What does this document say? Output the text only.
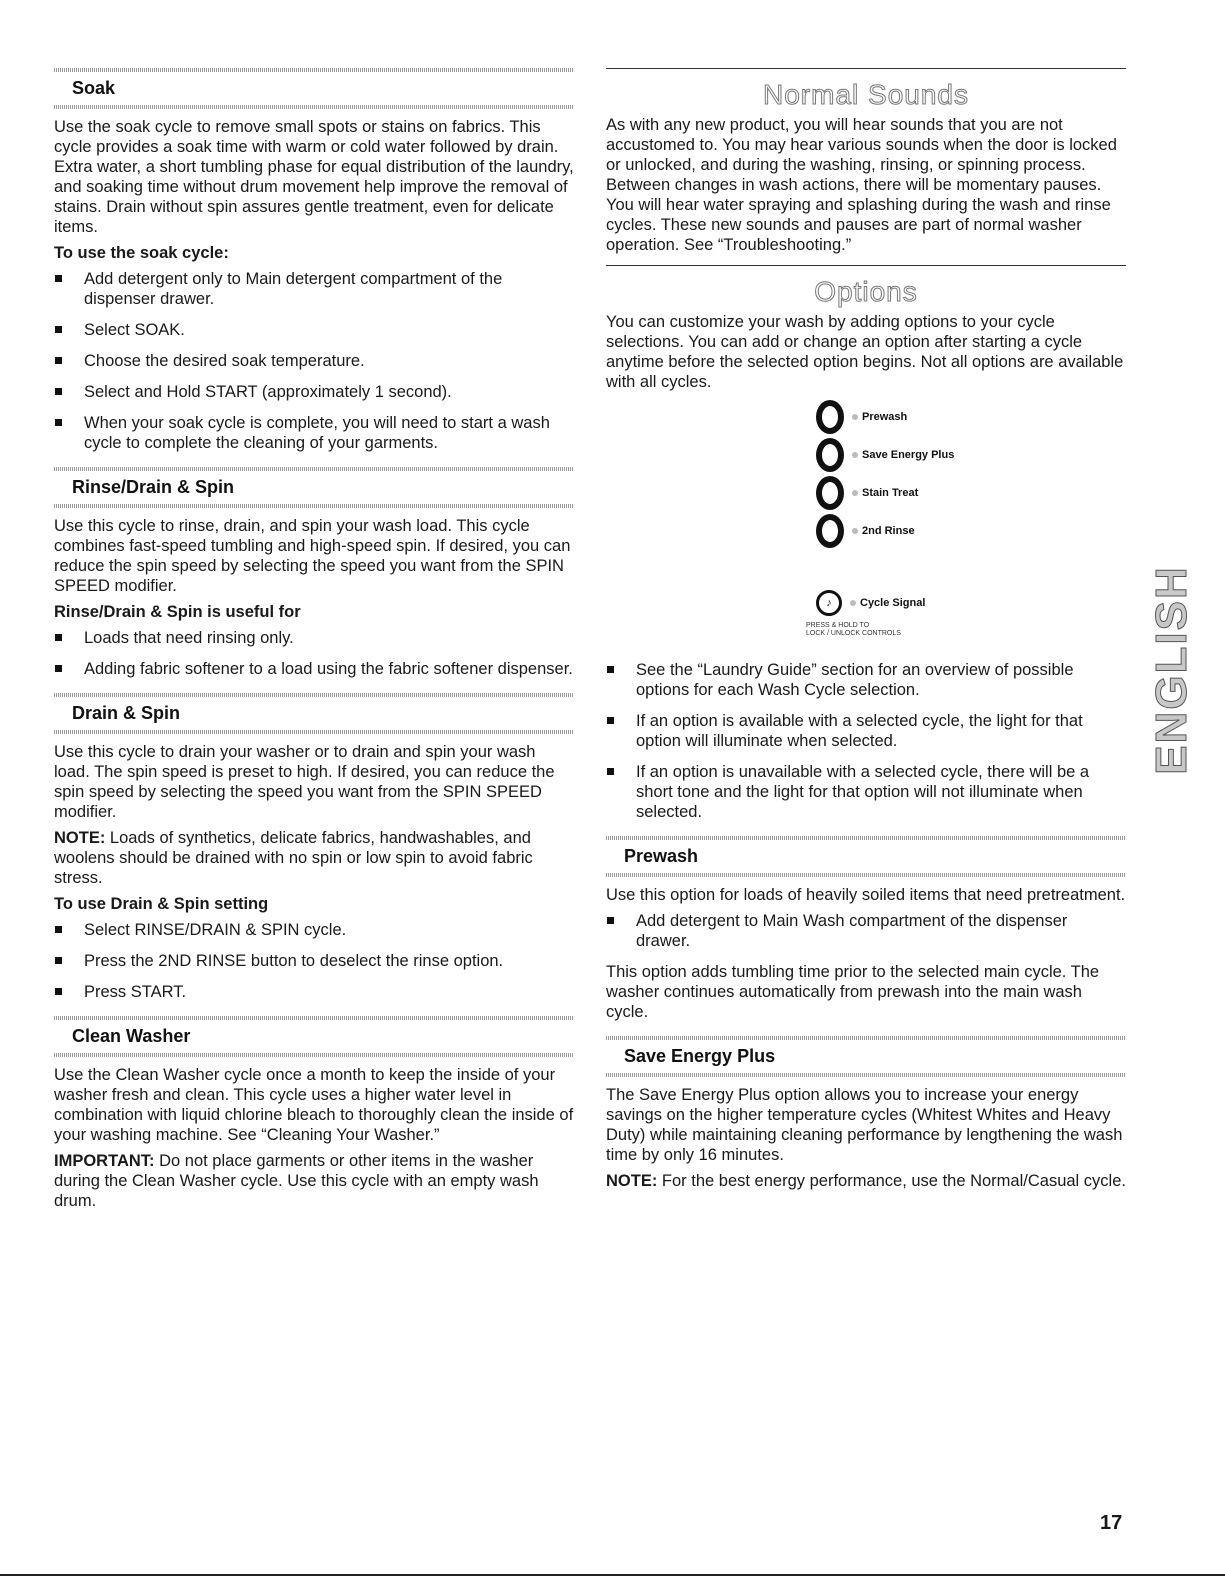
Soak

Use the soak cycle to remove small spots or stains on fabrics. This cycle provides a soak time with warm or cold water followed by drain. Extra water, a short tumbling phase for equal distribution of the laundry, and soaking time without drum movement help improve the removal of stains. Drain without spin assures gentle treatment, even for delicate items.

To use the soak cycle:
Add detergent only to Main detergent compartment of the dispenser drawer.
Select SOAK.
Choose the desired soak temperature.
Select and Hold START (approximately 1 second).
When your soak cycle is complete, you will need to start a wash cycle to complete the cleaning of your garments.
Rinse/Drain & Spin

Use this cycle to rinse, drain, and spin your wash load. This cycle combines fast-speed tumbling and high-speed spin. If desired, you can reduce the spin speed by selecting the speed you want from the SPIN SPEED modifier.

Rinse/Drain & Spin is useful for
Loads that need rinsing only.
Adding fabric softener to a load using the fabric softener dispenser.
Drain & Spin

Use this cycle to drain your washer or to drain and spin your wash load. The spin speed is preset to high. If desired, you can reduce the spin speed by selecting the speed you want from the SPIN SPEED modifier.

NOTE: Loads of synthetics, delicate fabrics, handwashables, and woolens should be drained with no spin or low spin to avoid fabric stress.

To use Drain & Spin setting
Select RINSE/DRAIN & SPIN cycle.
Press the 2ND RINSE button to deselect the rinse option.
Press START.
Clean Washer

Use the Clean Washer cycle once a month to keep the inside of your washer fresh and clean. This cycle uses a higher water level in combination with liquid chlorine bleach to thoroughly clean the inside of your washing machine. See “Cleaning Your Washer.”

IMPORTANT: Do not place garments or other items in the washer during the Clean Washer cycle. Use this cycle with an empty wash drum.

Normal Sounds

As with any new product, you will hear sounds that you are not accustomed to. You may hear various sounds when the door is locked or unlocked, and during the washing, rinsing, or spinning process. Between changes in wash actions, there will be momentary pauses. You will hear water spraying and splashing during the wash and rinse cycles. These new sounds and pauses are part of normal washer operation. See “Troubleshooting.”

Options

You can customize your wash by adding options to your cycle selections. You can add or change an option after starting a cycle anytime before the selected option begins. Not all options are available with all cycles.

Prewash
Save Energy Plus
Stain Treat
2nd Rinse
♪	Cycle Signal
PRESS & HOLD TO
LOCK / UNLOCK CONTROLS
See the “Laundry Guide” section for an overview of possible options for each Wash Cycle selection.
If an option is available with a selected cycle, the light for that option will illuminate when selected.
If an option is unavailable with a selected cycle, there will be a short tone and the light for that option will not illuminate when selected.
Prewash

Use this option for loads of heavily soiled items that need pretreatment.

Add detergent to Main Wash compartment of the dispenser drawer.

This option adds tumbling time prior to the selected main cycle. The washer continues automatically from prewash into the main wash cycle.

Save Energy Plus

The Save Energy Plus option allows you to increase your energy savings on the higher temperature cycles (Whitest Whites and Heavy Duty) while maintaining cleaning performance by lengthening the wash time by only 16 minutes.

NOTE: For the best energy performance, use the Normal/Casual cycle.

ENGLISH
17
